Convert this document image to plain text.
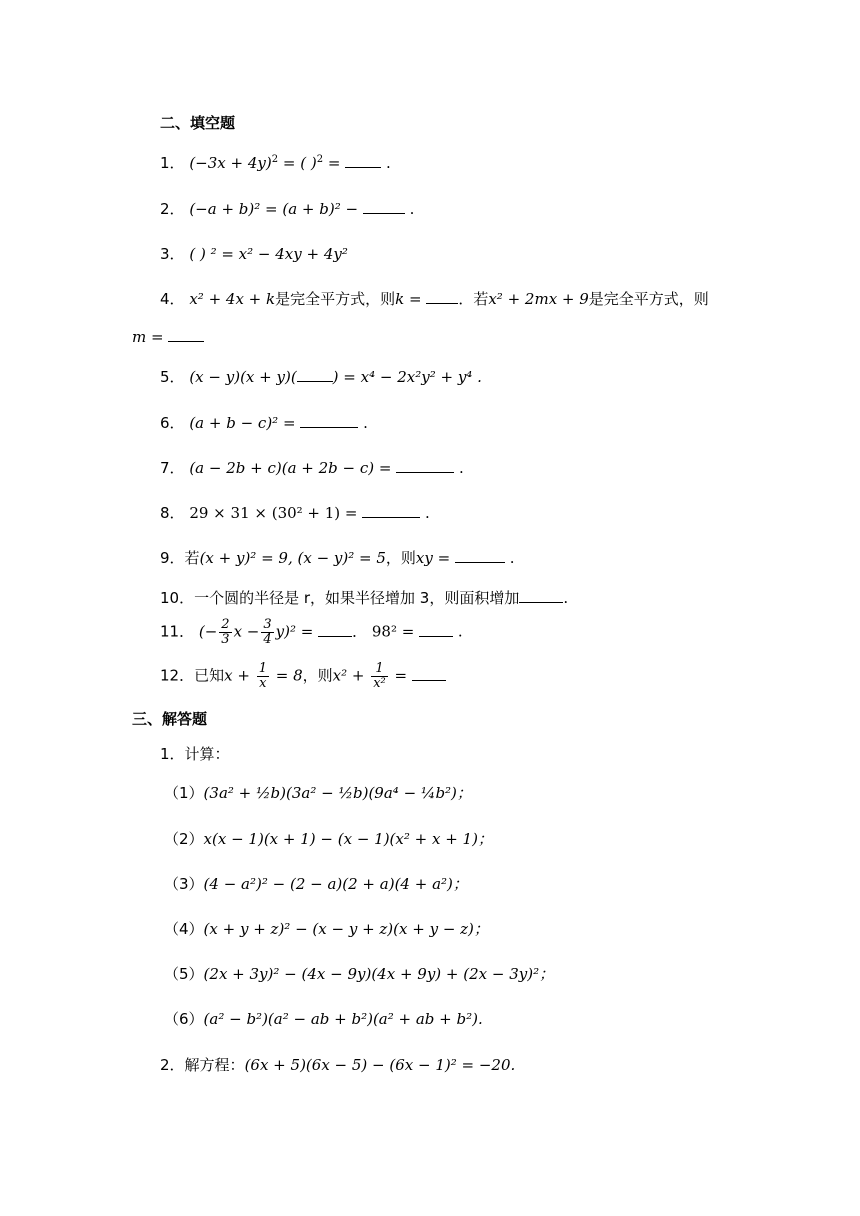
二、填空题
1． $(-3x + 4y)^2$ = ( )$^2$ =  .
2． (−a + b)² = (a + b)² −	.
3． ( ) ² = x² − 4xy + 4y²
4． x² + 4x + k是完全平方式，则k = ．若x² + 2mx + 9是完全平方式，则
m =
5． (x − y)(x + y)( ) = x⁴ − 2x²y² + y⁴ .
6． (a + b − c)² =	.
7． (a − 2b + c)(a + 2b − c) =	.
8． 29 × 31 × (30² + 1) =	.
9．若(x + y)² = 9, (x − y)² = 5，则xy =	.
10．一个圆的半径是 r，如果半径增加 3，则面积增加	.
11． (− $\frac{2}{3}$ $x - \frac{3}{4} y)^2$ = ． 98² =  .
12．已知$x + \frac{1}{x} = 8$，则$x^2 + \frac{1}{\text{x²}}$ =
三、解答题
1．计算：
（1）(3a² + ½b)(3a² − ½b)(9a⁴ − ¼b²)；
（2）x(x − 1)(x + 1) − (x − 1)(x² + x + 1)；
（3）(4 − a²)² − (2 − a)(2 + a)(4 + a²)；
（4）(x + y + z)² − (x − y + z)(x + y − z)；
（5）(2x + 3y)² − (4x − 9y)(4x + 9y) + (2x − 3y)²；
（6）(a² − b²)(a² − ab + b²)(a² + ab + b²).
2．解方程：(6x + 5)(6x − 5) − (6x − 1)² = −20.
